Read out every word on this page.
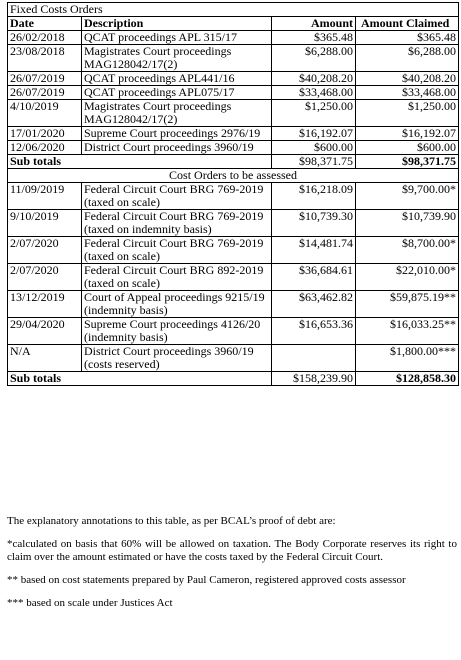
Fixed Costs Orders			
Date	Description	Amount	Amount Claimed
26/02/2018	QCAT proceedings APL 315/17	$365.48	$365.48
23/08/2018	Magistrates Court proceedings MAG128042/17(2)	$6,288.00	$6,288.00
26/07/2019	QCAT proceedings APL441/16	$40,208.20	$40,208.20
26/07/2019	QCAT proceedings APL075/17	$33,468.00	$33,468.00
4/10/2019	Magistrates Court proceedings MAG128042/17(2)	$1,250.00	$1,250.00
17/01/2020	Supreme Court proceedings 2976/19	$16,192.07	$16,192.07
12/06/2020	District Court proceedings 3960/19	$600.00	$600.00
Sub totals		$98,371.75	$98,371.75
Cost Orders to be assessed			
11/09/2019	Federal Circuit Court BRG 769-2019 (taxed on scale)	$16,218.09	$9,700.00*
9/10/2019	Federal Circuit Court BRG 769-2019 (taxed on indemnity basis)	$10,739.30	$10,739.90
2/07/2020	Federal Circuit Court BRG 769-2019 (taxed on scale)	$14,481.74	$8,700.00*
2/07/2020	Federal Circuit Court BRG 892-2019 (taxed on scale)	$36,684.61	$22,010.00*
13/12/2019	Court of Appeal proceedings 9215/19 (indemnity basis)	$63,462.82	$59,875.19**
29/04/2020	Supreme Court proceedings 4126/20 (indemnity basis)	$16,653.36	$16,033.25**
N/A	District Court proceedings 3960/19 (costs reserved)		$1,800.00***
Sub totals		$158,239.90	$128,858.30

The explanatory annotations to this table, as per BCAL’s proof of debt are:

*calculated on basis that 60% will be allowed on taxation. The Body Corporate reserves its right to claim over the amount estimated or have the costs taxed by the Federal Circuit Court.

** based on cost statements prepared by Paul Cameron, registered approved costs assessor

*** based on scale under Justices Act
